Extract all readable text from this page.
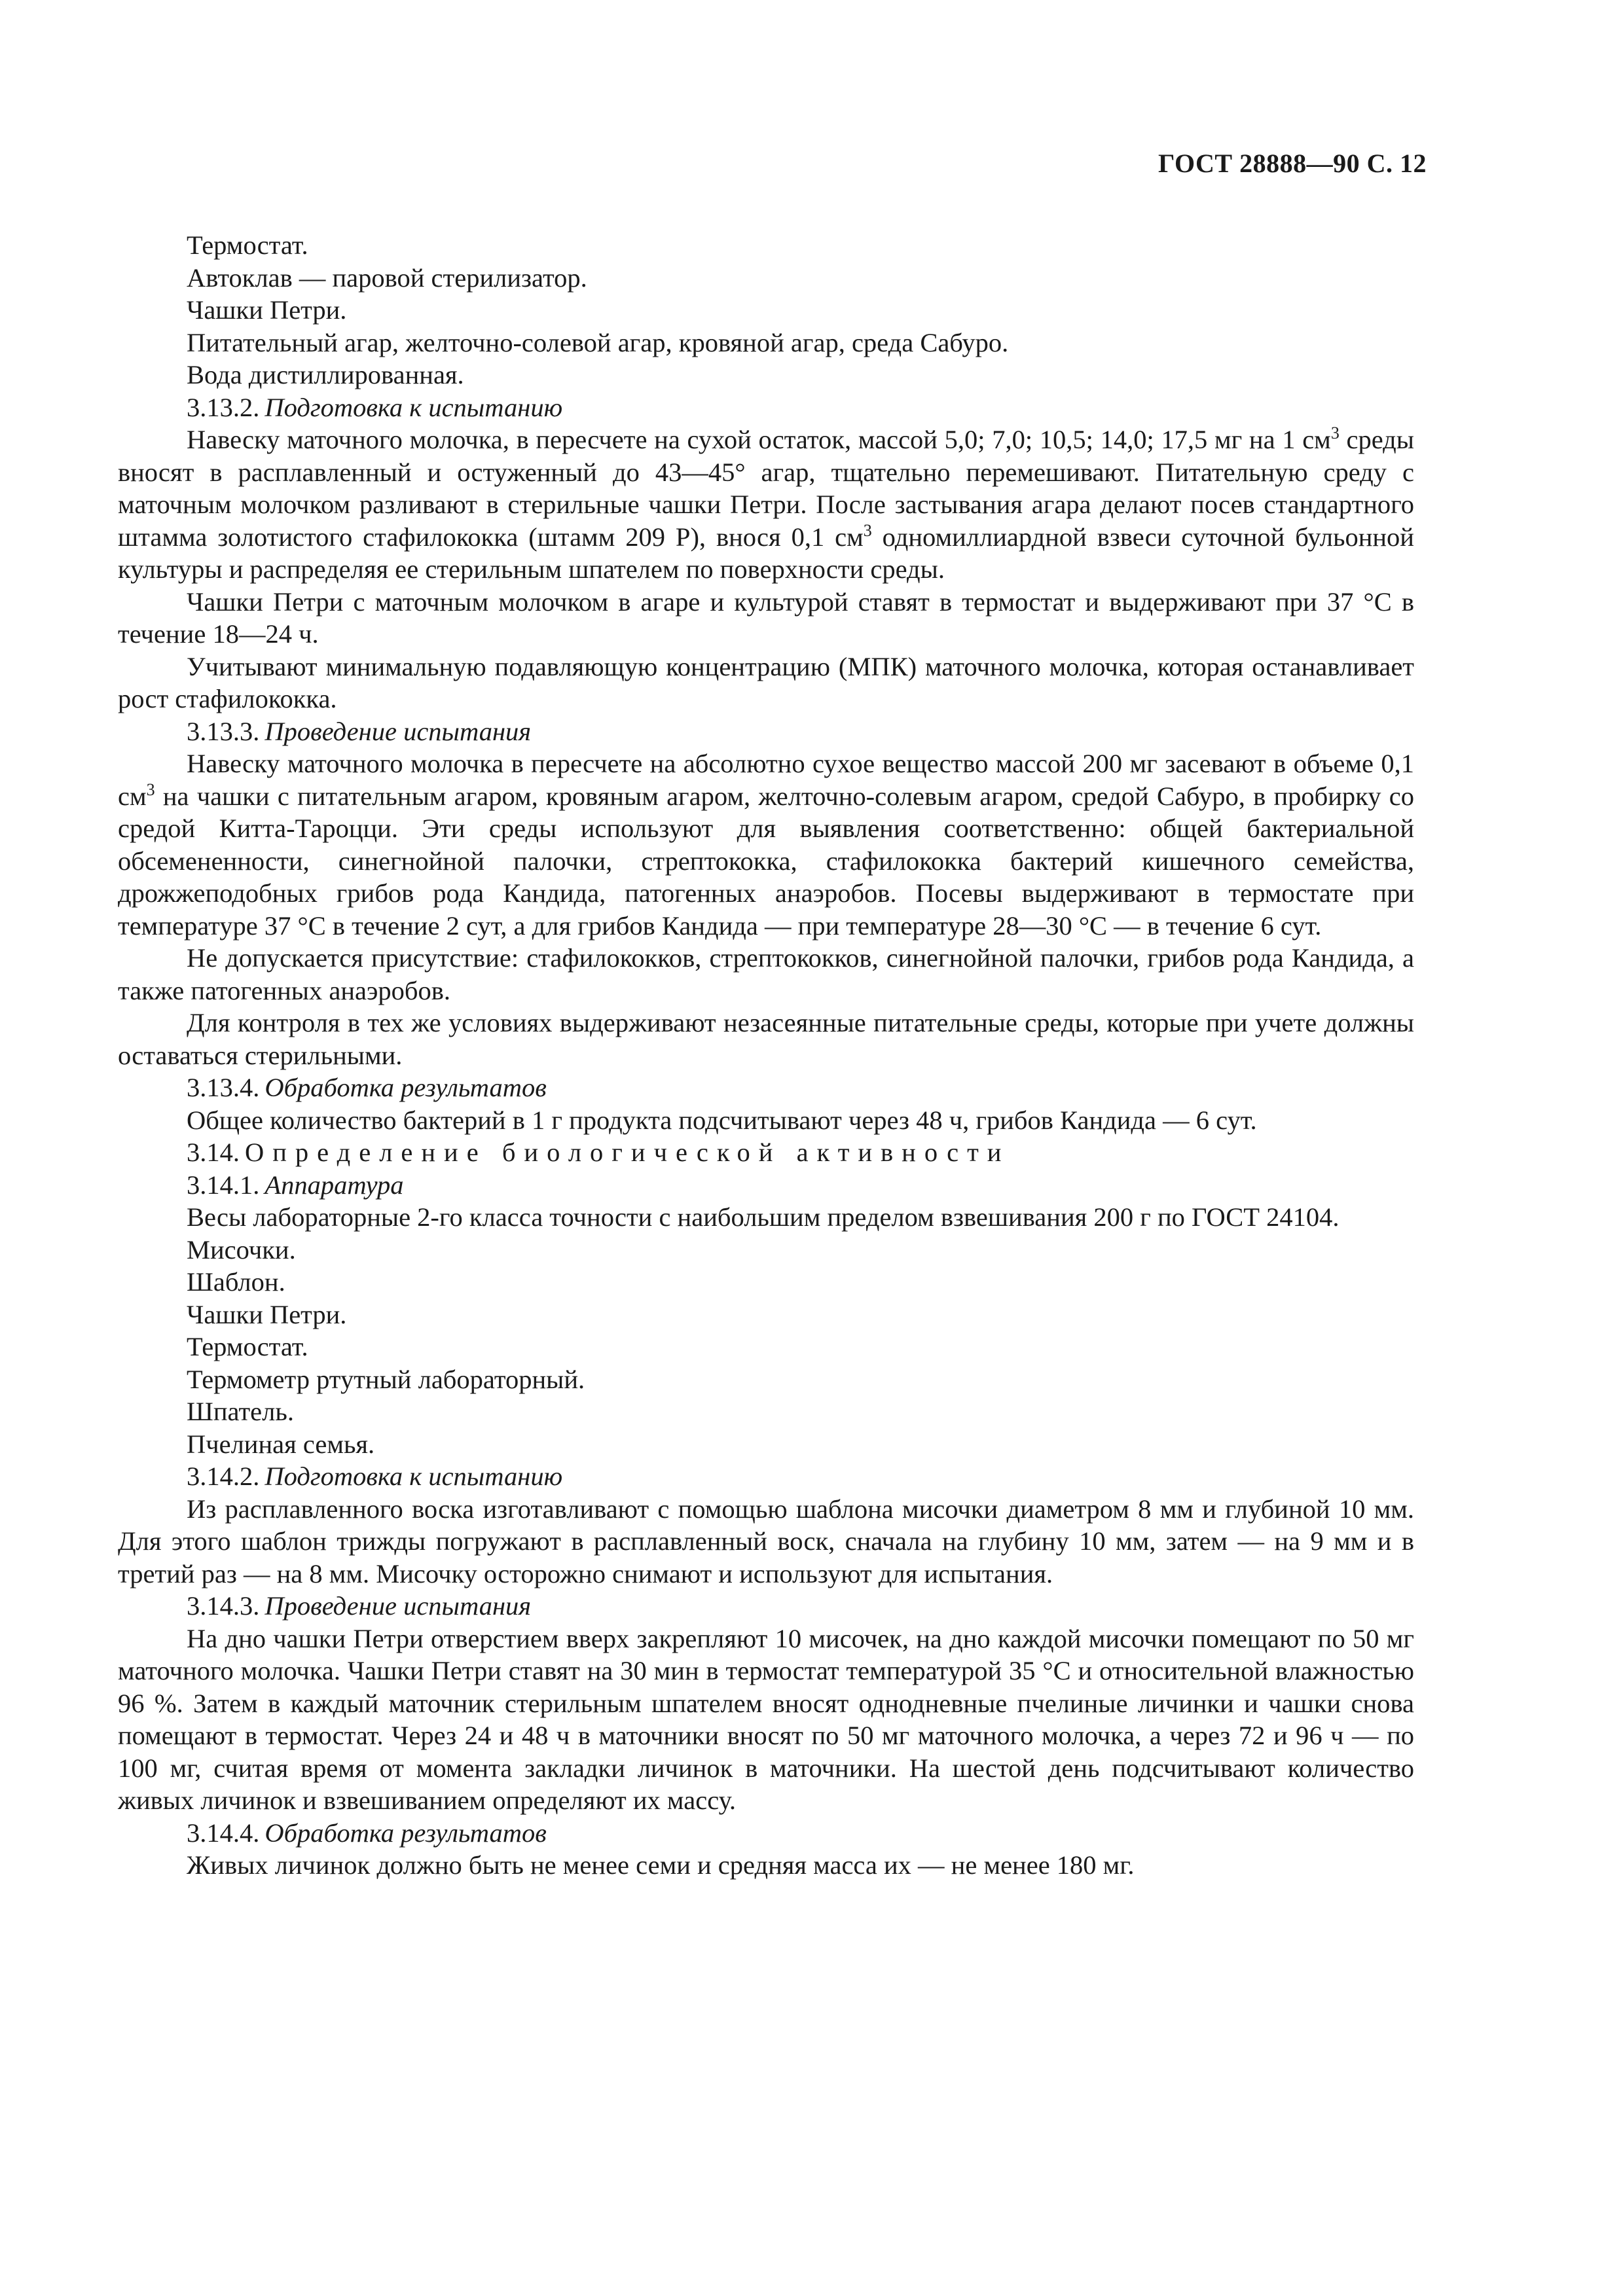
ГОСТ 28888—90 С. 12

Термостат.

Автоклав — паровой стерилизатор.

Чашки Петри.

Питательный агар, желточно-солевой агар, кровяной агар, среда Сабуро.

Вода дистиллированная.

3.13.2. Подготовка к испытанию

Навеску маточного молочка, в пересчете на сухой остаток, массой 5,0; 7,0; 10,5; 14,0; 17,5 мг на 1 $см^3$ среды вносят в расплавленный и остуженный до 43—45° агар, тщательно перемешивают. Питательную среду с маточным молочком разливают в стерильные чашки Петри. После застывания агара делают посев стандартного штамма золотистого стафилококка (штамм 209 Р), внося 0,1 $см^3$ одномиллиардной взвеси суточной бульонной культуры и распределяя ее стерильным шпателем по поверхности среды.

Чашки Петри с маточным молочком в агаре и культурой ставят в термостат и выдерживают при 37 °С в течение 18—24 ч.

Учитывают минимальную подавляющую концентрацию (МПК) маточного молочка, которая останавливает рост стафилококка.

3.13.3. Проведение испытания

Навеску маточного молочка в пересчете на абсолютно сухое вещество массой 200 мг засевают в объеме 0,1 $см^3$ на чашки с питательным агаром, кровяным агаром, желточно-солевым агаром, средой Сабуро, в пробирку со средой Китта-Тароцци. Эти среды используют для выявления соответственно: общей бактериальной обсемененности, синегнойной палочки, стрептококка, стафилококка бактерий кишечного семейства, дрожжеподобных грибов рода Кандида, патогенных анаэробов. Посевы выдерживают в термостате при температуре 37 °С в течение 2 сут, а для грибов Кандида — при температуре 28—30 °С — в течение 6 сут.

Не допускается присутствие: стафилококков, стрептококков, синегнойной палочки, грибов рода Кандида, а также патогенных анаэробов.

Для контроля в тех же условиях выдерживают незасеянные питательные среды, которые при учете должны оставаться стерильными.

3.13.4. Обработка результатов

Общее количество бактерий в 1 г продукта подсчитывают через 48 ч, грибов Кандида — 6 сут.

3.14. Определение биологической активности

3.14.1. Аппаратура

Весы лабораторные 2-го класса точности с наибольшим пределом взвешивания 200 г по ГОСТ 24104.

Мисочки.

Шаблон.

Чашки Петри.

Термостат.

Термометр ртутный лабораторный.

Шпатель.

Пчелиная семья.

3.14.2. Подготовка к испытанию

Из расплавленного воска изготавливают с помощью шаблона мисочки диаметром 8 мм и глубиной 10 мм. Для этого шаблон трижды погружают в расплавленный воск, сначала на глубину 10 мм, затем — на 9 мм и в третий раз — на 8 мм. Мисочку осторожно снимают и используют для испытания.

3.14.3. Проведение испытания

На дно чашки Петри отверстием вверх закрепляют 10 мисочек, на дно каждой мисочки помещают по 50 мг маточного молочка. Чашки Петри ставят на 30 мин в термостат температурой 35 °С и относительной влажностью 96 %. Затем в каждый маточник стерильным шпателем вносят однодневные пчелиные личинки и чашки снова помещают в термостат. Через 24 и 48 ч в маточники вносят по 50 мг маточного молочка, а через 72 и 96 ч — по 100 мг, считая время от момента закладки личинок в маточники. На шестой день подсчитывают количество живых личинок и взвешиванием определяют их массу.

3.14.4. Обработка результатов

Живых личинок должно быть не менее семи и средняя масса их — не менее 180 мг.
